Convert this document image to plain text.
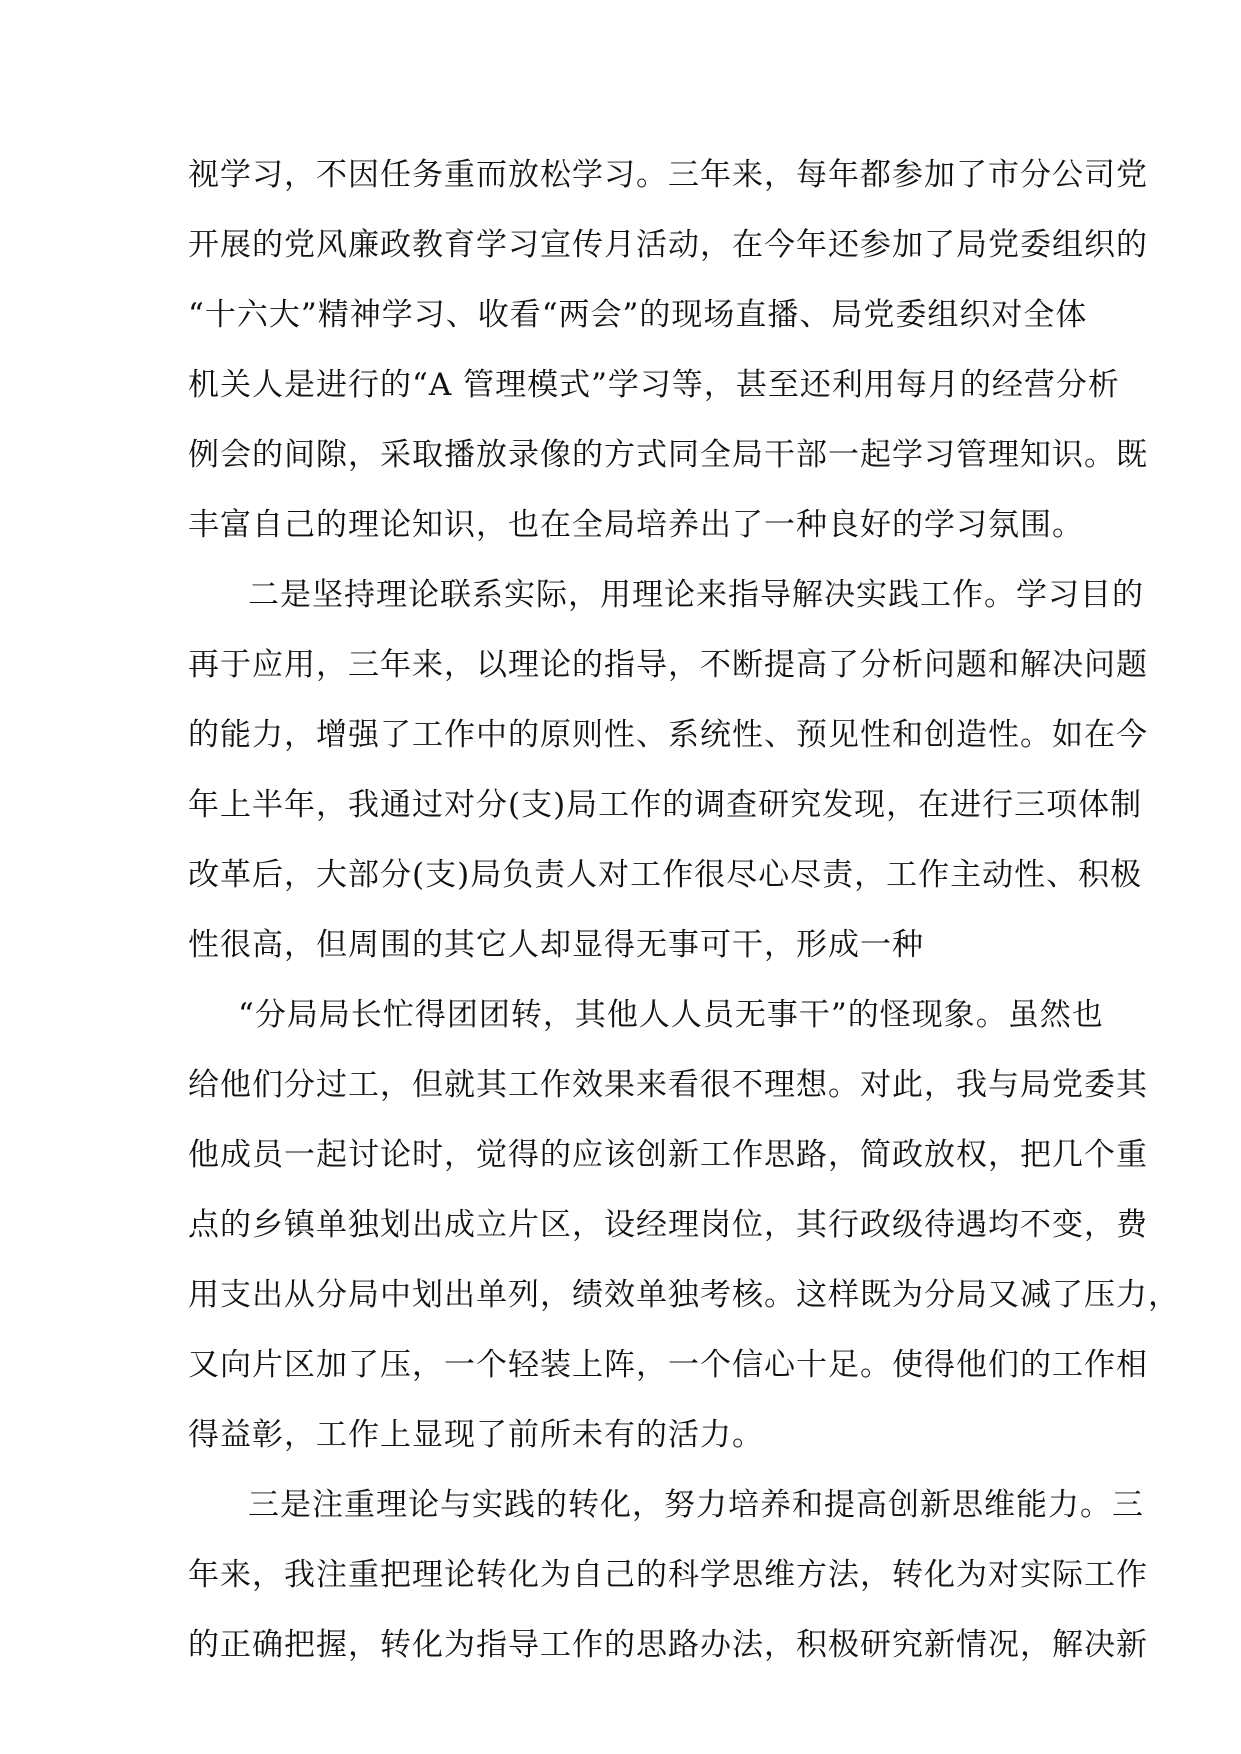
视学习，不因任务重而放松学习。三年来，每年都参加了市分公司党
开展的党风廉政教育学习宣传月活动，在今年还参加了局党委组织的
“十六大”精神学习、收看“两会”的现场直播、局党委组织对全体
机关人是进行的“A 管理模式”学习等，甚至还利用每月的经营分析
例会的间隙，采取播放录像的方式同全局干部一起学习管理知识。既
丰富自己的理论知识，也在全局培养出了一种良好的学习氛围。
二是坚持理论联系实际，用理论来指导解决实践工作。学习目的
再于应用，三年来，以理论的指导，不断提高了分析问题和解决问题
的能力，增强了工作中的原则性、系统性、预见性和创造性。如在今
年上半年，我通过对分(支)局工作的调查研究发现，在进行三项体制
改革后，大部分(支)局负责人对工作很尽心尽责，工作主动性、积极
性很高，但周围的其它人却显得无事可干，形成一种
“分局局长忙得团团转，其他人人员无事干”的怪现象。虽然也
给他们分过工，但就其工作效果来看很不理想。对此，我与局党委其
他成员一起讨论时，觉得的应该创新工作思路，简政放权，把几个重
点的乡镇单独划出成立片区，设经理岗位，其行政级待遇均不变，费
用支出从分局中划出单列，绩效单独考核。这样既为分局又减了压力，
又向片区加了压，一个轻装上阵，一个信心十足。使得他们的工作相
得益彰，工作上显现了前所未有的活力。
三是注重理论与实践的转化，努力培养和提高创新思维能力。三
年来，我注重把理论转化为自己的科学思维方法，转化为对实际工作
的正确把握，转化为指导工作的思路办法，积极研究新情况，解决新
